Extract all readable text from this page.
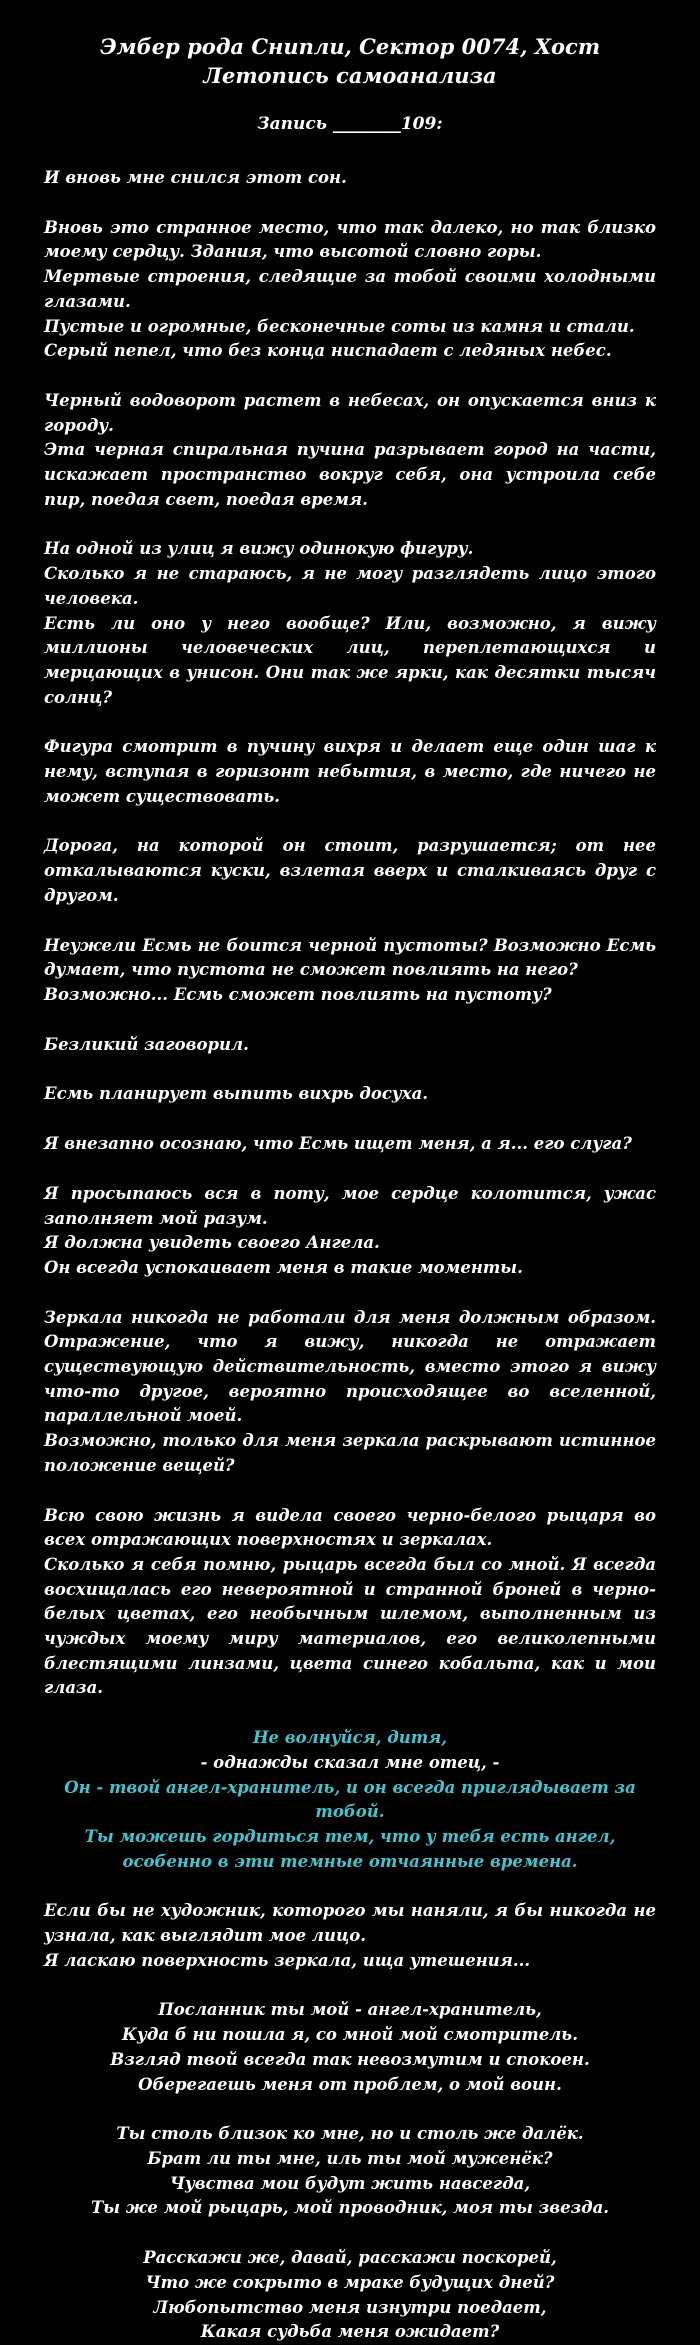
Эмбер рода Снипли, Сектор 0074, Хост
Летопись самоанализа

Запись ________109:

И вновь мне снился этот сон.
Вновь это странное место, что так далеко, но так близко моему сердцу. Здания, что высотой словно горы.
Мертвые строения, следящие за тобой своими холодными глазами.
Пустые и огромные, бесконечные соты из камня и стали.
Серый пепел, что без конца ниспадает с ледяных небес.
Черный водоворот растет в небесах, он опускается вниз к городу.
Эта черная спиральная пучина разрывает город на части, искажает пространство вокруг себя, она устроила себе пир, поедая свет, поедая время.
На одной из улиц я вижу одинокую фигуру.
Сколько я не стараюсь, я не могу разглядеть лицо этого человека.
Есть ли оно у него вообще? Или, возможно, я вижу миллионы человеческих лиц, переплетающихся и мерцающих в унисон. Они так же ярки, как десятки тысяч солнц?
Фигура смотрит в пучину вихря и делает еще один шаг к нему, вступая в горизонт небытия, в место, где ничего не может существовать.
Дорога, на которой он стоит, разрушается; от нее откалываются куски, взлетая вверх и сталкиваясь друг с другом.
Неужели Есмь не боится черной пустоты? Возможно Есмь думает, что пустота не сможет повлиять на него?
Возможно... Есмь сможет повлиять на пустоту?
Безликий заговорил.
Есмь планирует выпить вихрь досуха.
Я внезапно осознаю, что Есмь ищет меня, а я... его слуга?
Я просыпаюсь вся в поту, мое сердце колотится, ужас заполняет мой разум.
Я должна увидеть своего Ангела.
Он всегда успокаивает меня в такие моменты.
Зеркала никогда не работали для меня должным образом. Отражение, что я вижу, никогда не отражает существующую действительность, вместо этого я вижу что-то другое, вероятно происходящее во вселенной, параллельной моей.
Возможно, только для меня зеркала раскрывают истинное положение вещей?
Всю свою жизнь я видела своего черно-белого рыцаря во всех отражающих поверхностях и зеркалах.
Сколько я себя помню, рыцарь всегда был со мной. Я всегда восхищалась его невероятной и странной броней в черно-белых цветах, его необычным шлемом, выполненным из чуждых моему миру материалов, его великолепными блестящими линзами, цвета синего кобальта, как и мои глаза.
Не волнуйся, дитя,
- однажды сказал мне отец, -
Он - твой ангел-хранитель, и он всегда приглядывает за тобой.
Ты можешь гордиться тем, что у тебя есть ангел,
особенно в эти темные отчаянные времена.
Если бы не художник, которого мы наняли, я бы никогда не узнала, как выглядит мое лицо.
Я ласкаю поверхность зеркала, ища утешения...
Посланник ты мой - ангел-хранитель,
Куда б ни пошла я, со мной мой смотритель.
Взгляд твой всегда так невозмутим и спокоен.
Оберегаешь меня от проблем, о мой воин.
Ты столь близок ко мне, но и столь же далёк.
Брат ли ты мне, иль ты мой муженёк?
Чувства мои будут жить навсегда,
Ты же мой рыцарь, мой проводник, моя ты звезда.
Расскажи же, давай, расскажи поскорей,
Что же сокрыто в мраке будущих дней?
Любопытство меня изнутри поедает,
Какая судьба меня ожидает?
